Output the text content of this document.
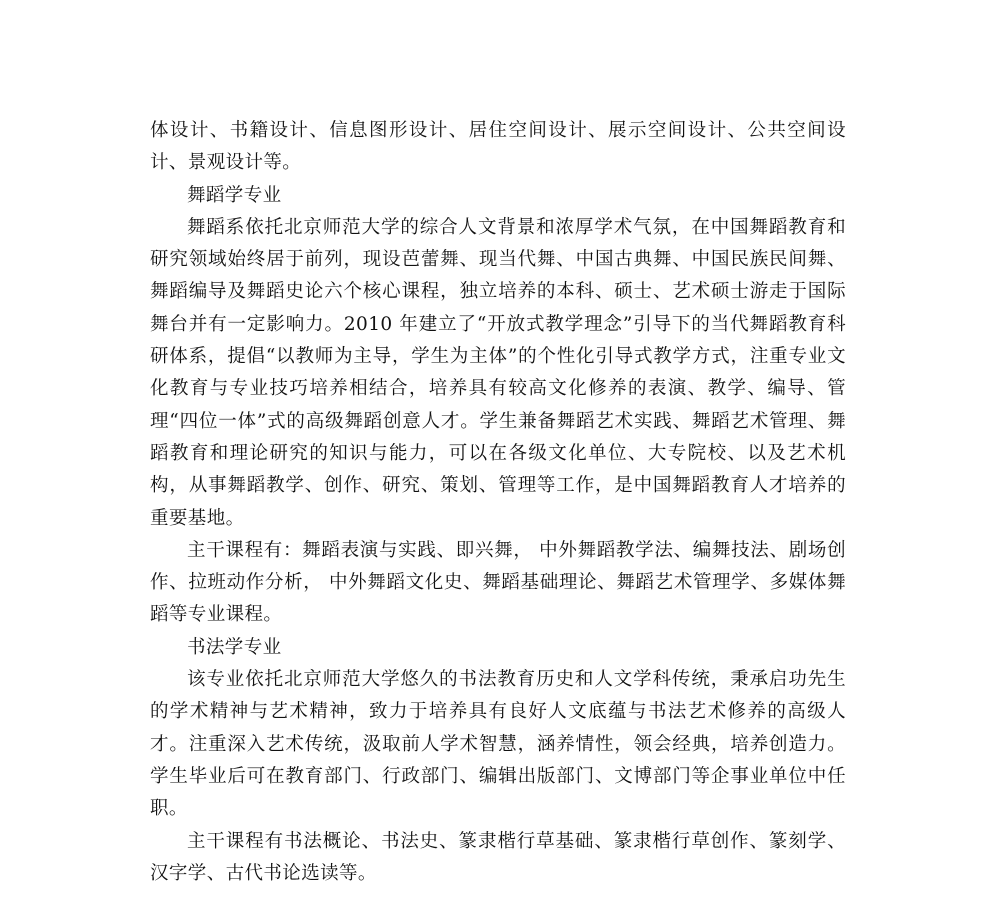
体设计、书籍设计、信息图形设计、居住空间设计、展示空间设计、公共空间设计、景观设计等。

舞蹈学专业

舞蹈系依托北京师范大学的综合人文背景和浓厚学术气氛，在中国舞蹈教育和研究领域始终居于前列，现设芭蕾舞、现当代舞、中国古典舞、中国民族民间舞、舞蹈编导及舞蹈史论六个核心课程，独立培养的本科、硕士、艺术硕士游走于国际舞台并有一定影响力。2010 年建立了“开放式教学理念”引导下的当代舞蹈教育科研体系，提倡“以教师为主导，学生为主体”的个性化引导式教学方式，注重专业文化教育与专业技巧培养相结合，培养具有较高文化修养的表演、教学、编导、管理“四位一体”式的高级舞蹈创意人才。学生兼备舞蹈艺术实践、舞蹈艺术管理、舞蹈教育和理论研究的知识与能力，可以在各级文化单位、大专院校、以及艺术机构，从事舞蹈教学、创作、研究、策划、管理等工作，是中国舞蹈教育人才培养的重要基地。

主干课程有：舞蹈表演与实践、即兴舞， 中外舞蹈教学法、编舞技法、剧场创作、拉班动作分析， 中外舞蹈文化史、舞蹈基础理论、舞蹈艺术管理学、多媒体舞蹈等专业课程。

书法学专业

该专业依托北京师范大学悠久的书法教育历史和人文学科传统，秉承启功先生的学术精神与艺术精神，致力于培养具有良好人文底蕴与书法艺术修养的高级人才。注重深入艺术传统，汲取前人学术智慧，涵养情性，领会经典，培养创造力。学生毕业后可在教育部门、行政部门、编辑出版部门、文博部门等企事业单位中任职。

主干课程有书法概论、书法史、篆隶楷行草基础、篆隶楷行草创作、篆刻学、汉字学、古代书论选读等。
